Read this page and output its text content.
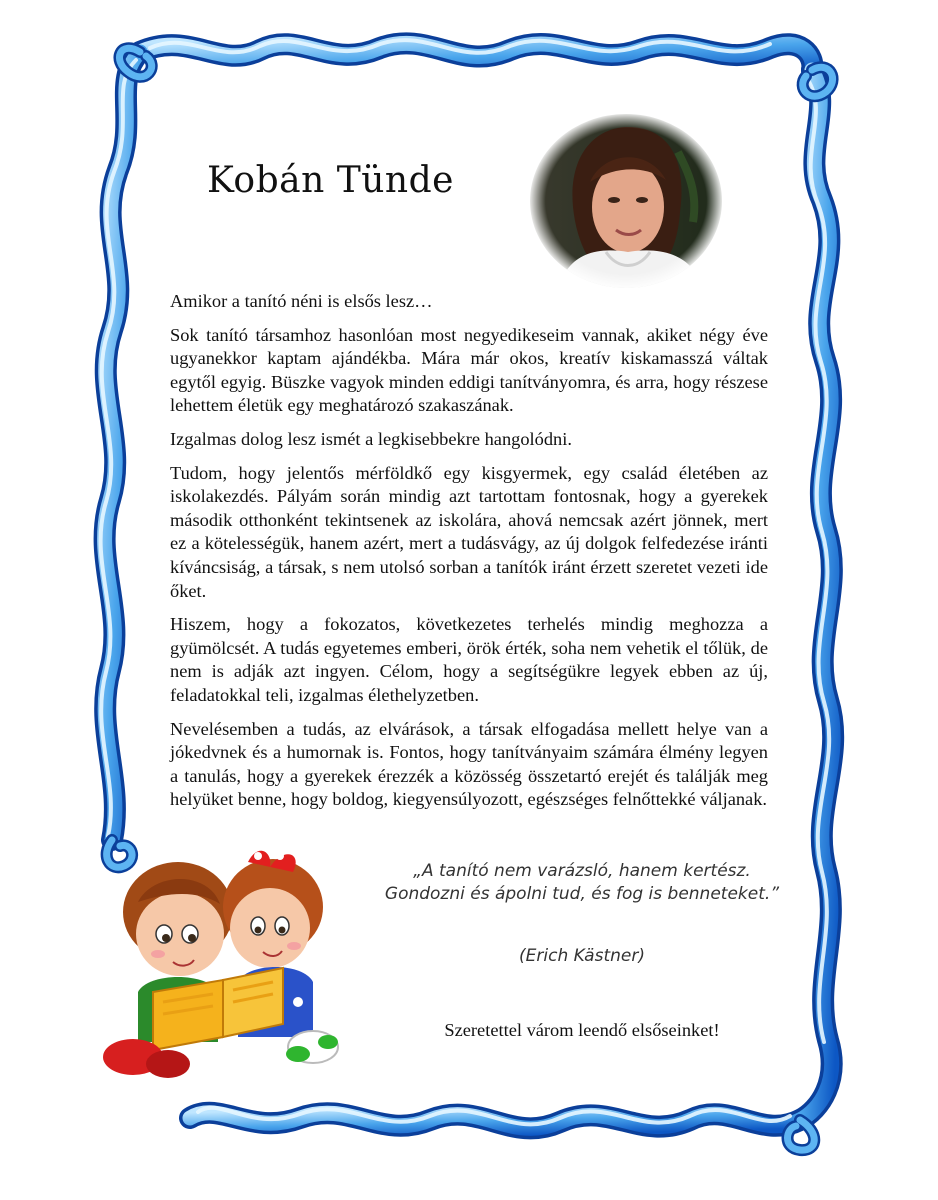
Kobán Tünde

Amikor a tanító néni is elsős lesz…

Sok tanító társamhoz hasonlóan most negyedikeseim vannak, akiket négy éve ugyanekkor kaptam ajándékba. Mára már okos, kreatív kiskamasszá váltak egytől egyig. Büszke vagyok minden eddigi tanítványomra, és arra, hogy részese lehettem életük egy meghatározó szakaszának.

Izgalmas dolog lesz ismét a legkisebbekre hangolódni.

Tudom, hogy jelentős mérföldkő egy kisgyermek, egy család életében az iskolakezdés. Pályám során mindig azt tartottam fontosnak, hogy a gyerekek második otthonként tekintsenek az iskolára, ahová nemcsak azért jönnek, mert ez a kötelességük, hanem azért, mert a tudásvágy, az új dolgok felfedezése iránti kíváncsiság, a társak, s nem utolsó sorban a tanítók iránt érzett szeretet vezeti ide őket.

Hiszem, hogy a fokozatos, következetes terhelés mindig meghozza a gyümölcsét. A tudás egyetemes emberi, örök érték, soha nem vehetik el tőlük, de nem is adják azt ingyen. Célom, hogy a segítségükre legyek ebben az új, feladatokkal teli, izgalmas élethelyzetben.

Nevelésemben a tudás, az elvárások, a társak elfogadása mellett helye van a jókedvnek és a humornak is. Fontos, hogy tanítványaim számára élmény legyen a tanulás, hogy a gyerekek érezzék a közösség összetartó erejét és találják meg helyüket benne, hogy boldog, kiegyensúlyozott, egészséges felnőttekké váljanak.

„A tanító nem varázsló, hanem kertész. Gondozni és ápolni tud, és fog is benneteket.”
(Erich Kästner)
Szeretettel várom leendő elsőseinket!
